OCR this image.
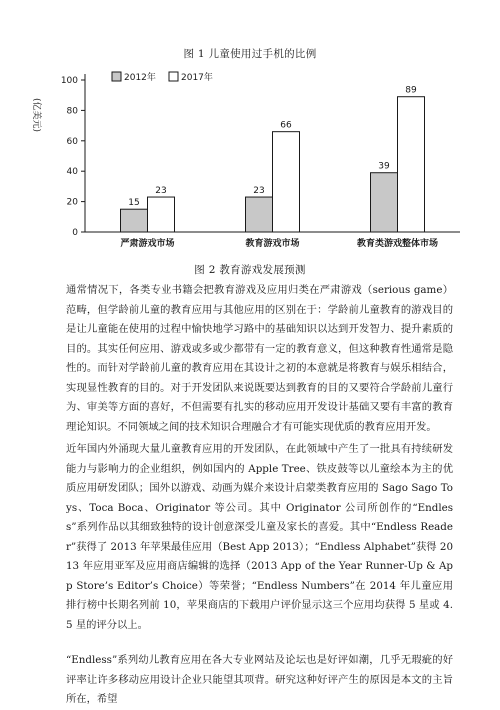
图 1 儿童使用过手机的比例
(亿美元)
0
20
40
60
80
100
15
23
严肃游戏市场
23
66
教育游戏市场
39
89
教育类游戏整体市场
2012年	2017年
图 2 教育游戏发展预测

通常情况下，各类专业书籍会把教育游戏及应用归类在严肃游戏（serious game）范畴，但学龄前儿童的教育应用与其他应用的区别在于：学龄前儿童教育的游戏目的是让儿童能在使用的过程中愉快地学习路中的基础知识以达到开发智力、提升素质的目的。其实任何应用、游戏或多或少都带有一定的教育意义，但这种教育性通常是隐性的。而针对学龄前儿童的教育应用在其设计之初的本意就是将教育与娱乐相结合，实现显性教育的目的。对于开发团队来说既要达到教育的目的又要符合学龄前儿童行为、审美等方面的喜好，不但需要有扎实的移动应用开发设计基础又要有丰富的教育理论知识。不同领域之间的技术知识合理融合才有可能实现优质的教育应用开发。

近年国内外涌现大量儿童教育应用的开发团队，在此领域中产生了一批具有持续研发能力与影响力的企业组织，例如国内的 Apple Tree、铁皮鼓等以儿童绘本为主的优质应用研发团队；国外以游戏、动画为媒介来设计启蒙类教育应用的 Sago Sago Toys、Toca Boca、Originator 等公司。其中 Originator 公司所创作的“Endless”系列作品以其细致独特的设计创意深受儿童及家长的喜爱。其中“Endless Reader”获得了 2013 年苹果最佳应用（Best App 2013）；“Endless Alphabet”获得 2013 年应用亚军及应用商店编辑的选择（2013 App of the Year Runner-Up & App Store’s Editor’s Choice）等荣誉；“Endless Numbers”在 2014 年儿童应用排行榜中长期名列前 10，苹果商店的下载用户评价显示这三个应用均获得 5 星或 4.5 星的评分以上。

“Endless”系列幼儿教育应用在各大专业网站及论坛也是好评如潮，几乎无瑕疵的好评率让许多移动应用设计企业只能望其项背。研究这种好评产生的原因是本文的主旨所在，希望
